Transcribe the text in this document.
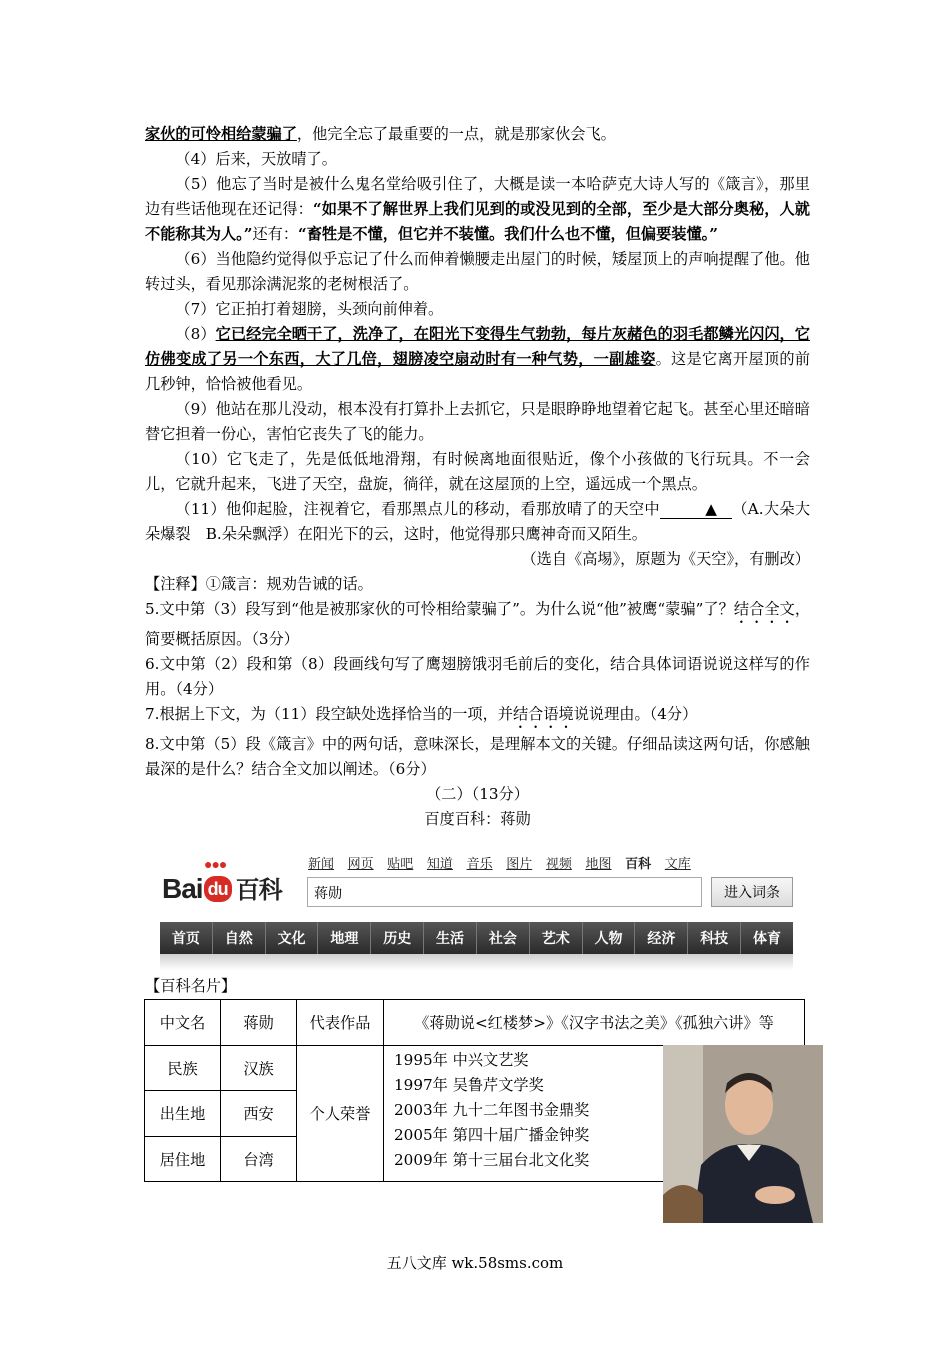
家伙的可怜相给蒙骗了，他完全忘了最重要的一点，就是那家伙会飞。

（4）后来，天放晴了。

（5）他忘了当时是被什么鬼名堂给吸引住了，大概是读一本哈萨克大诗人写的《箴言》，那里边有些话他现在还记得：“如果不了解世界上我们见到的或没见到的全部，至少是大部分奥秘，人就不能称其为人。”还有：“畜牲是不懂，但它并不装懂。我们什么也不懂，但偏要装懂。”

（6）当他隐约觉得似乎忘记了什么而伸着懒腰走出屋门的时候，矮屋顶上的声响提醒了他。他转过头，看见那涂满泥浆的老树根活了。

（7）它正拍打着翅膀，头颈向前伸着。

（8）它已经完全晒干了，洗净了，在阳光下变得生气勃勃，每片灰赭色的羽毛都鳞光闪闪，它仿佛变成了另一个东西，大了几倍，翅膀凌空扇动时有一种气势，一副雄姿。这是它离开屋顶的前几秒钟，恰恰被他看见。

（9）他站在那儿没动，根本没有打算扑上去抓它，只是眼睁睁地望着它起飞。甚至心里还暗暗替它担着一份心，害怕它丧失了飞的能力。

（10）它飞走了，先是低低地滑翔，有时候离地面很贴近，像个小孩做的飞行玩具。不一会儿，它就升起来，飞进了天空，盘旋，徜徉，就在这屋顶的上空，遥远成一个黑点。

（11）他仰起脸，注视着它，看那黑点儿的移动，看那放晴了的天空中	▲ （A.大朵大朵爆裂　B.朵朵飘浮）在阳光下的云，这时，他觉得那只鹰神奇而又陌生。

（选自《高埸》，原题为《天空》，有删改）

【注释】①箴言：规劝告诫的话。

5.文中第（3）段写到“他是被那家伙的可怜相给蒙骗了”。为什么说“他”被鹰“蒙骗”了？结合全文，简要概括原因。（3分）

6.文中第（2）段和第（8）段画线句写了鹰翅膀饿羽毛前后的变化，结合具体词语说说这样写的作用。（4分）

7.根据上下文，为（11）段空缺处选择恰当的一项，并结合语境说说理由。（4分）

8.文中第（5）段《箴言》中的两句话，意味深长，是理解本文的关键。仔细品读这两句话，你感触最深的是什么？结合全文加以阐述。（6分）

（二）（13分）

百度百科：蒋勋

●●●
Bai du 百科
新闻 网页 贴吧 知道 音乐 图片 视频 地图 百科 文库
蒋勋	进入词条
首页	自然	文化	地理	历史	生活	社会	艺术	人物	经济	科技	体育
【百科名片】
中文名	蒋勋	代表作品	《蒋勋说<红楼梦>》《汉字书法之美》《孤独六讲》等
民族	汉族	个人荣誉	1995年 中兴文艺奖
1997年 吴鲁芹文学奖
2003年 九十二年图书金鼎奖
2005年 第四十届广播金钟奖
2009年 第十三届台北文化奖

出生地	西安		
居住地	台湾		
五八文库 wk.58sms.com
